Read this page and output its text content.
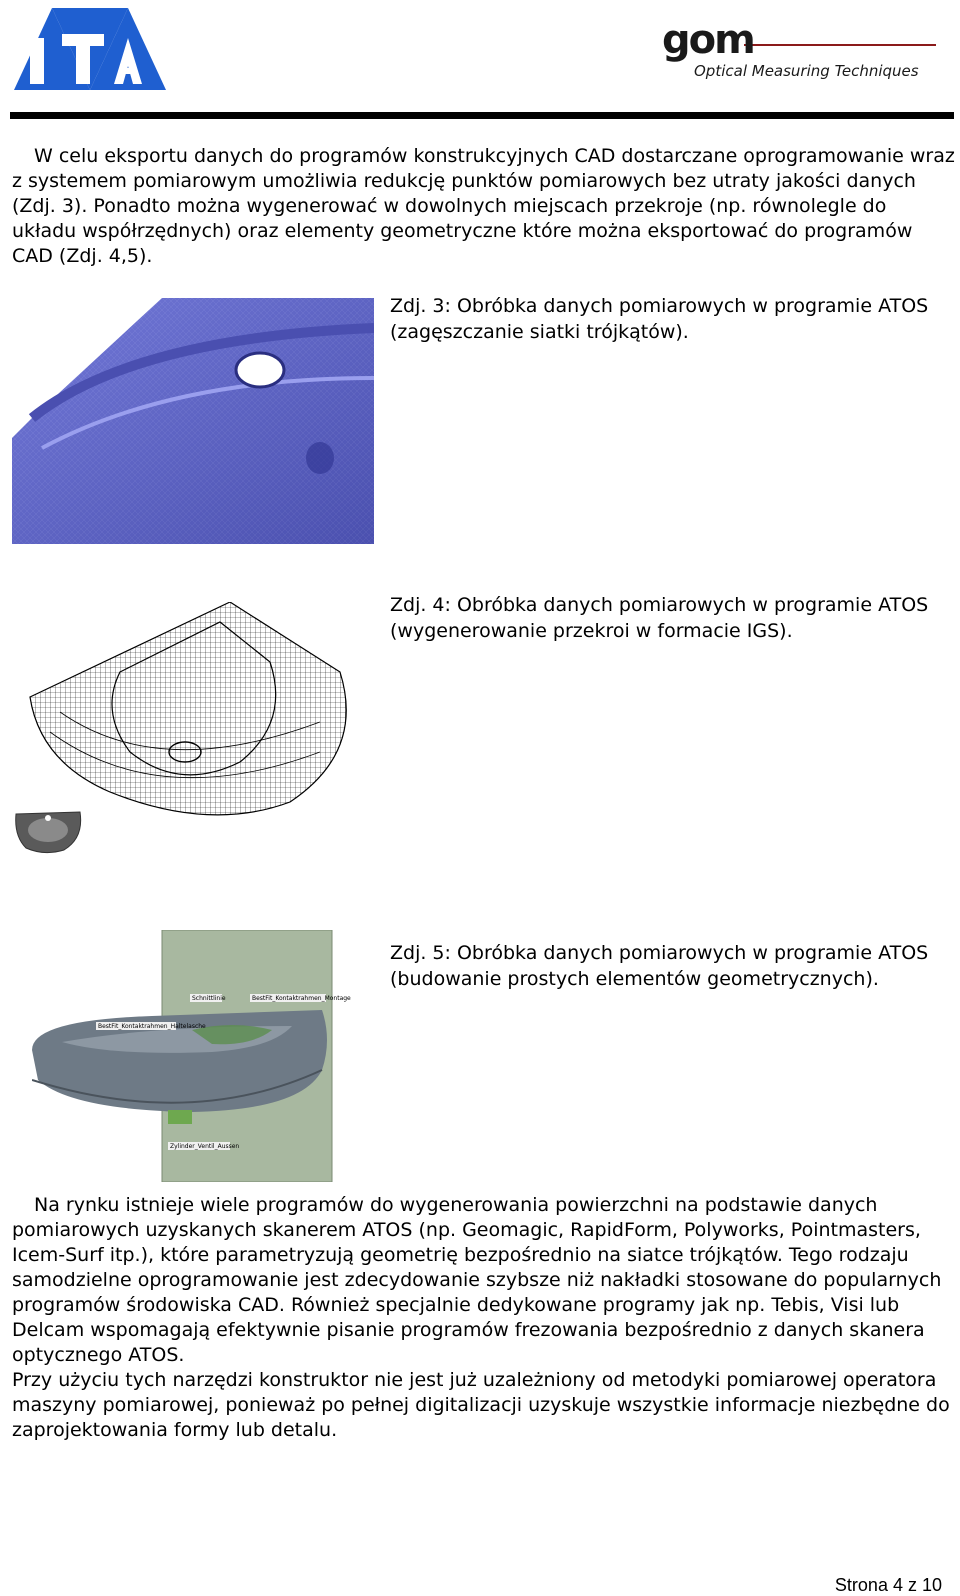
gom
Optical Measuring Techniques

W celu eksportu danych do programów konstrukcyjnych CAD dostarczane oprogramowanie wraz z systemem pomiarowym umożliwia redukcję punktów pomiarowych bez utraty jakości danych (Zdj. 3). Ponadto można wygenerować w dowolnych miejscach przekroje (np. równolegle do układu współrzędnych) oraz elementy geometryczne które można eksportować do programów CAD (Zdj. 4,5).

Zdj. 3: Obróbka danych pomiarowych w programie ATOS (zagęszczanie siatki trójkątów).

Zdj. 4: Obróbka danych pomiarowych w programie ATOS (wygenerowanie przekroi w formacie IGS).

Schnittlinie	BestFit_Kontaktrahmen_Montage
BestFit_Kontaktrahmen_Haltelasche
Zylinder_Ventil_Aussen

Zdj. 5: Obróbka danych pomiarowych w programie ATOS (budowanie prostych elementów geometrycznych).

Na rynku istnieje wiele programów do wygenerowania powierzchni na podstawie danych pomiarowych uzyskanych skanerem ATOS (np. Geomagic, RapidForm, Polyworks, Pointmasters, Icem-Surf itp.), które parametryzują geometrię bezpośrednio na siatce trójkątów. Tego rodzaju samodzielne oprogramowanie jest zdecydowanie szybsze niż nakładki stosowane do popularnych programów środowiska CAD. Również specjalnie dedykowane programy jak np. Tebis, Visi lub Delcam wspomagają efektywnie pisanie programów frezowania bezpośrednio z danych skanera optycznego ATOS.
Przy użyciu tych narzędzi konstruktor nie jest już uzależniony od metodyki pomiarowej operatora maszyny pomiarowej, ponieważ po pełnej digitalizacji uzyskuje wszystkie informacje niezbędne do zaprojektowania formy lub detalu.

Strona 4 z 10
